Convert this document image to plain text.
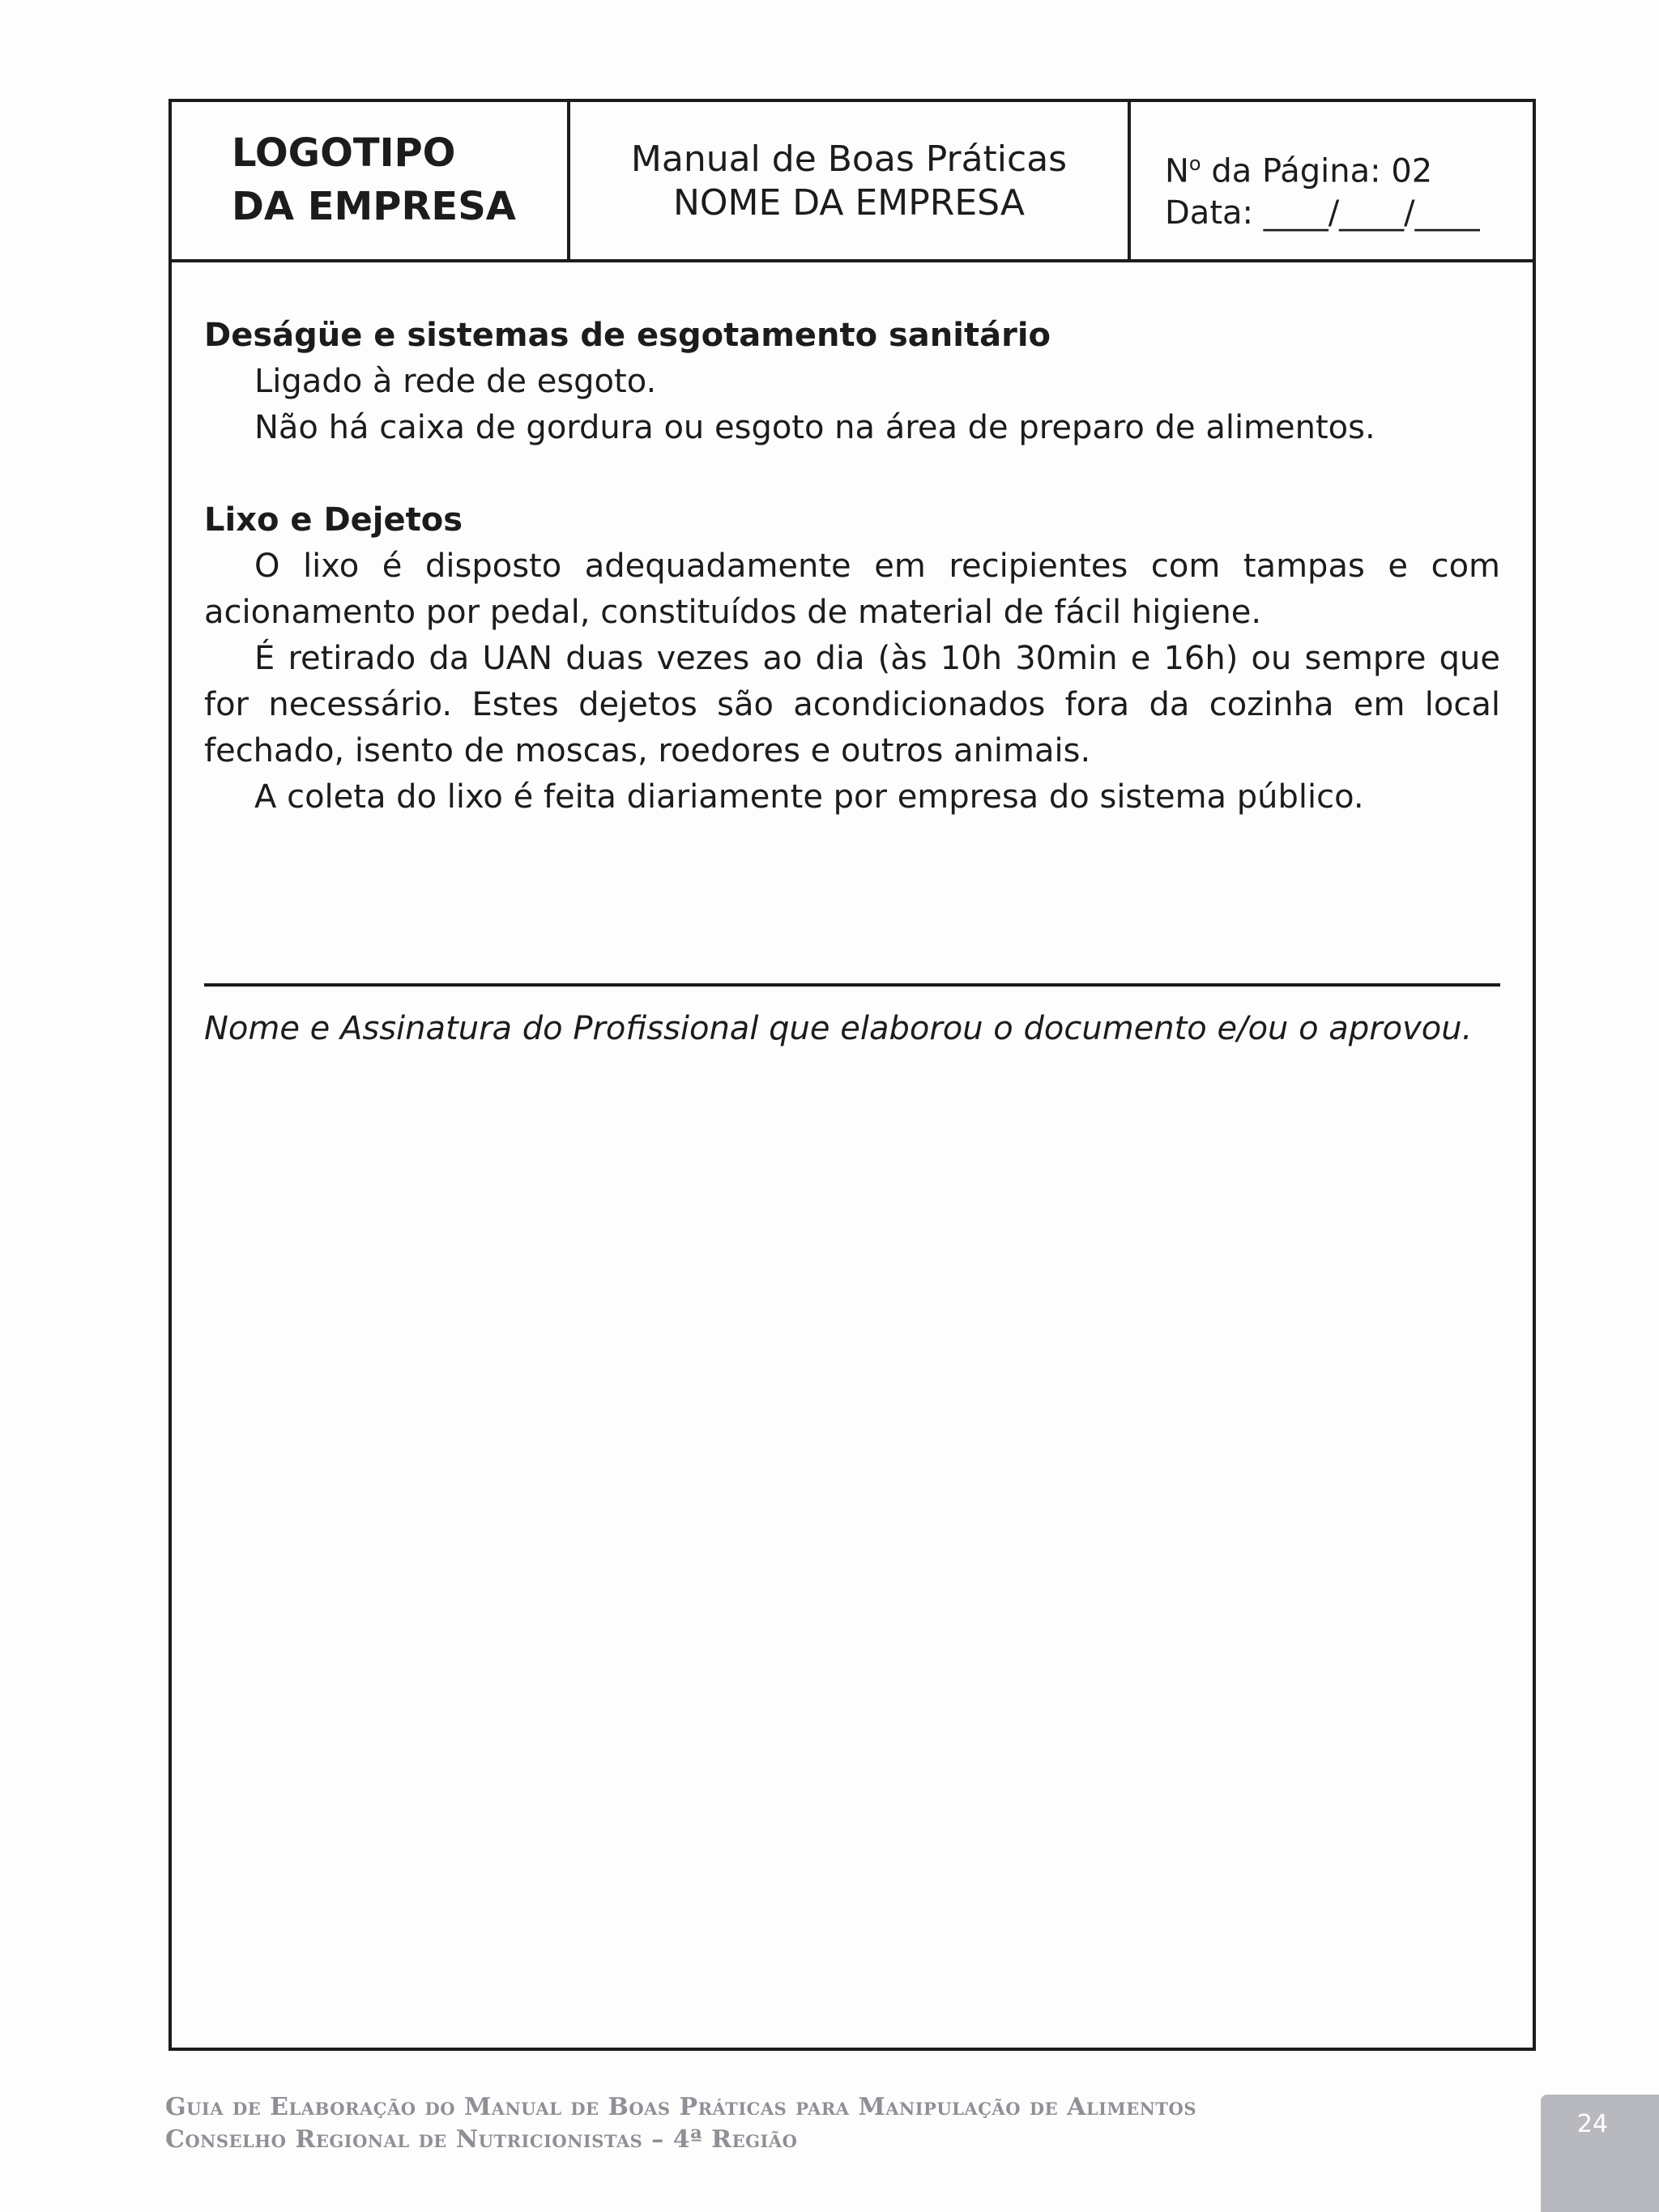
LOGOTIPO
DA EMPRESA
Manual de Boas Práticas
NOME DA EMPRESA
$N^o$ da Página: 02
Data: ____/____/____

Deságüe e sistemas de esgotamento sanitário

Ligado à rede de esgoto.

Não há caixa de gordura ou esgoto na área de preparo de alimentos.

Lixo e Dejetos

O lixo é disposto adequadamente em recipientes com tampas e com acionamento por pedal, constituídos de material de fácil higiene.

É retirado da UAN duas vezes ao dia (às 10h 30min e 16h) ou sempre que for necessário. Estes dejetos são acondicionados fora da cozinha em local fechado, isento de moscas, roedores e outros animais.

A coleta do lixo é feita diariamente por empresa do sistema público.

Nome e Assinatura do Profissional que elaborou o documento e/ou o aprovou.
Guia de Elaboração do Manual de Boas Práticas para Manipulação de Alimentos
Conselho Regional de Nutricionistas – 4ª Região
24
